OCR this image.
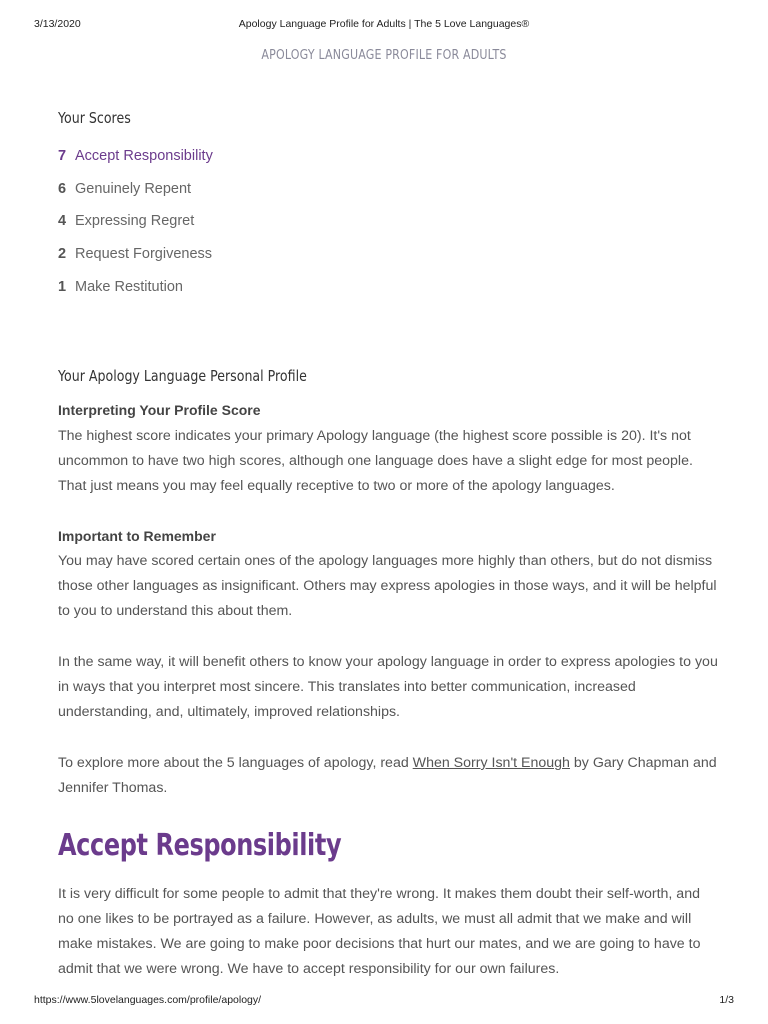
3/13/2020	Apology Language Profile for Adults | The 5 Love Languages®
APOLOGY LANGUAGE PROFILE FOR ADULTS
Your Scores
7 Accept Responsibility
6 Genuinely Repent
4 Expressing Regret
2 Request Forgiveness
1 Make Restitution
Your Apology Language Personal Profile
Interpreting Your Profile Score
The highest score indicates your primary Apology language (the highest score possible is 20). It's not uncommon to have two high scores, although one language does have a slight edge for most people. That just means you may feel equally receptive to two or more of the apology languages.
Important to Remember
You may have scored certain ones of the apology languages more highly than others, but do not dismiss those other languages as insignificant. Others may express apologies in those ways, and it will be helpful to you to understand this about them.
In the same way, it will benefit others to know your apology language in order to express apologies to you in ways that you interpret most sincere. This translates into better communication, increased understanding, and, ultimately, improved relationships.
To explore more about the 5 languages of apology, read When Sorry Isn't Enough by Gary Chapman and Jennifer Thomas.
Accept Responsibility
It is very difficult for some people to admit that they're wrong. It makes them doubt their self-worth, and no one likes to be portrayed as a failure. However, as adults, we must all admit that we make and will make mistakes. We are going to make poor decisions that hurt our mates, and we are going to have to admit that we were wrong. We have to accept responsibility for our own failures.
https://www.5lovelanguages.com/profile/apology/	1/3
